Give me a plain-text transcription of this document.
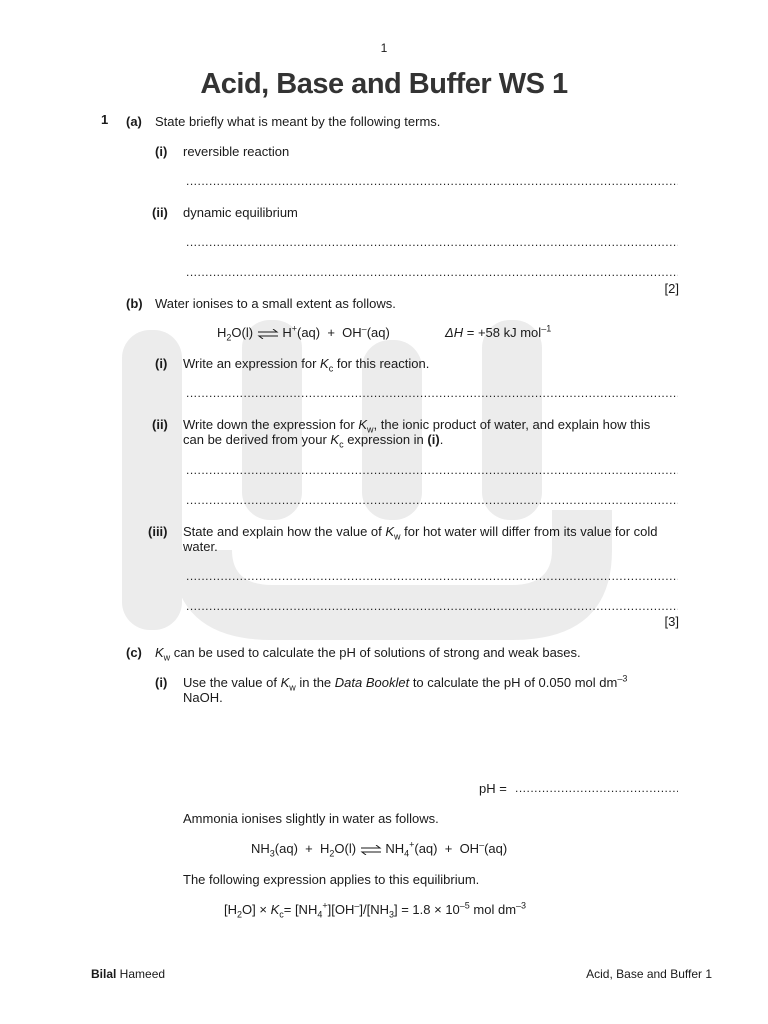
1
Acid, Base and Buffer WS 1
1 (a) State briefly what is meant by the following terms.
(i) reversible reaction
.....
(ii) dynamic equilibrium
.....
.....
[2]
(b) Water ionises to a small extent as follows.
$H_2O(l)$ ⇌ H+(aq) + OH–(aq)	ΔH = +58 kJ mol$^{-1}$
(i) Write an expression for $K_c$ for this reaction.
.....
(ii) Write down the expression for $K_w$, the ionic product of water, and explain how this
can be derived from your $K_c$ expression in (i).
.....
.....
(iii) State and explain how the value of $K_w$ for hot water will differ from its value for cold
water.
.....
.....
[3]
(c) $K_w$ can be used to calculate the pH of solutions of strong and weak bases.
(i) Use the value of $K_w$ in the Data Booklet to calculate the pH of 0.050 mol $dm^{-3}$
NaOH.
pH =
.....
Ammonia ionises slightly in water as follows.
$NH_3(aq) + H_2O(l)$ ⇌ $NH_4^+(aq) + OH^-(aq)$
The following expression applies to this equilibrium.
$[H_2O] \times K_c= [NH_4^+][OH^-]/[NH_3] = 1.8 \times 10^{-5}$ mol $dm^{-3}$
Bilal Hameed	Acid, Base and Buffer 1
